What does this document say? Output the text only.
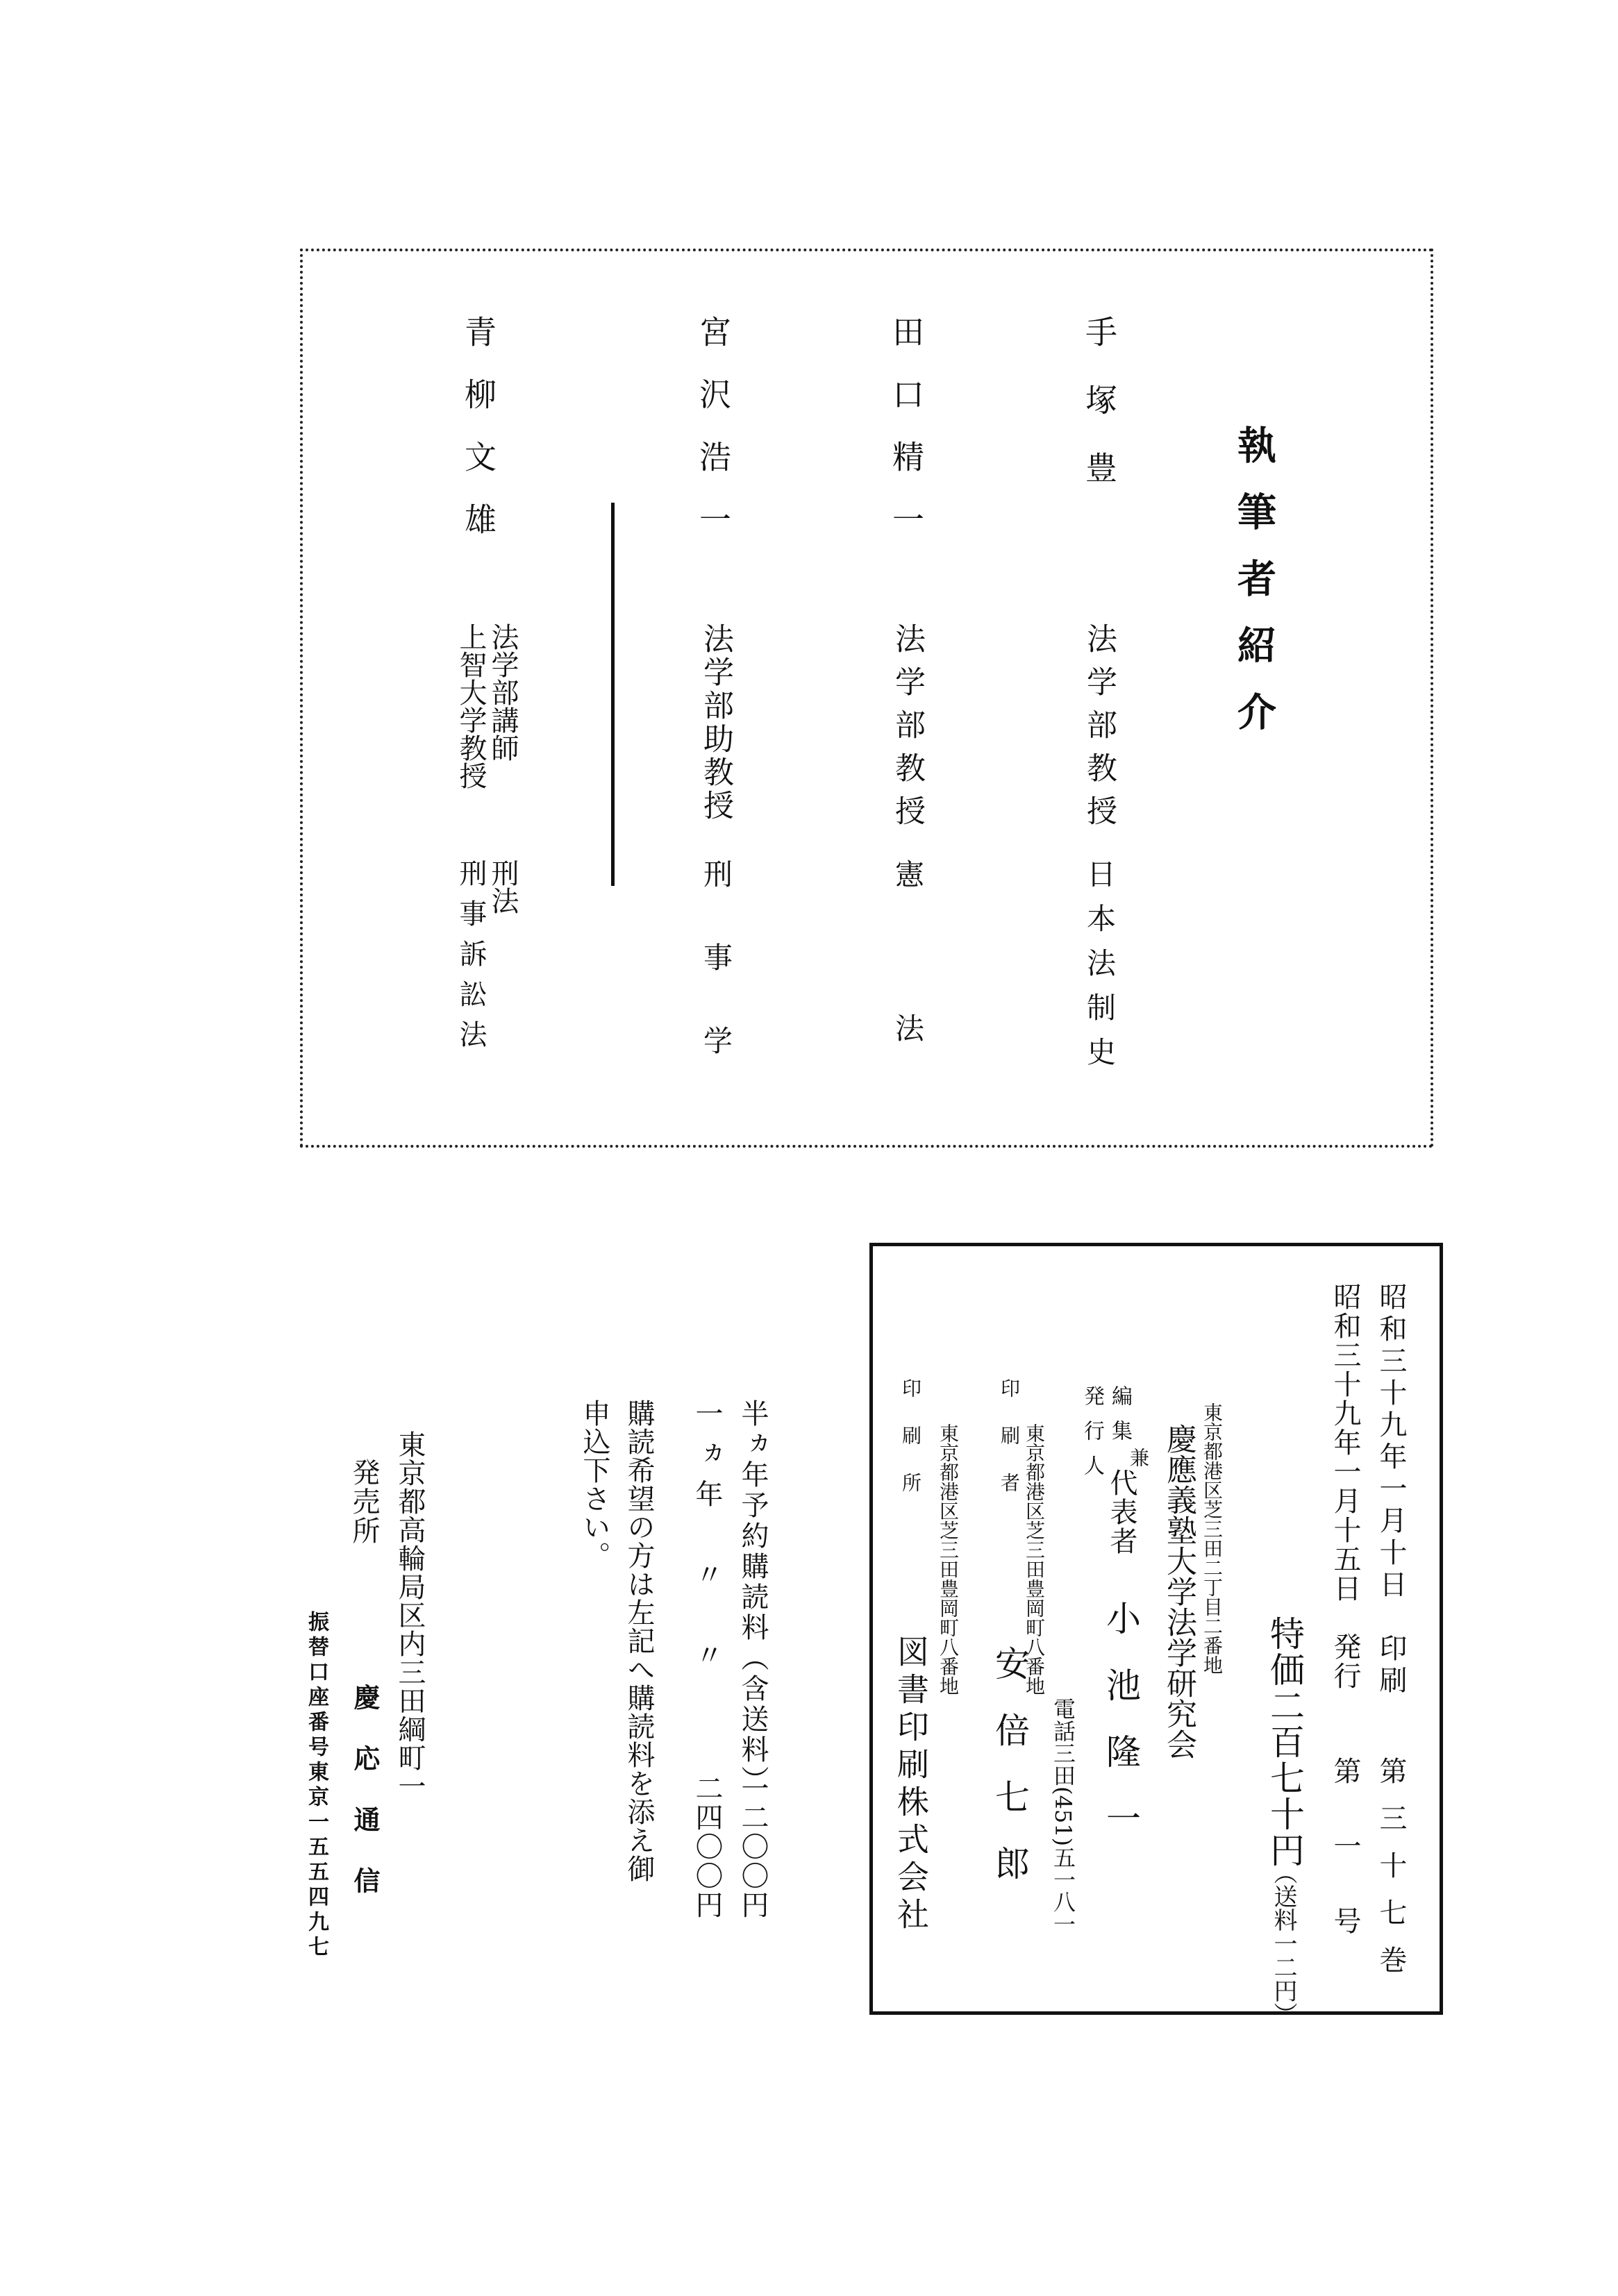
執筆者紹介
手塚豊
法学部教授
日本法制史
田口精一
法学部教授
憲法
宮沢浩一
法学部助教授
刑事学
青柳文雄
法学部講師
上智大学教授
刑法
刑事訴訟法
昭和三十九年一月十日　印刷
昭和三十九年一月十五日　発行
第三十七巻
第　一　号
特価二百七十円
（送料一二円）
編集
兼
発行人	東京都港区芝三田二丁目二番地
慶應義塾大学法学研究会
代表者
小池隆一
電話三田(451)五一八一
印刷者 東京都港区芝三田豊岡町八番地
安倍七郎
印刷所 東京都港区芝三田豊岡町八番地
図書印刷株式会社
半ヵ年予約購読料（含送料）
一二〇〇円
一ヵ年　〃　〃
二四〇〇円
購読希望の方は左記へ購読料を添え御
申込下さい。
東京都高輪局区内三田綱町一
発売所
慶応通信
振替口座番号東京一五五四九七
